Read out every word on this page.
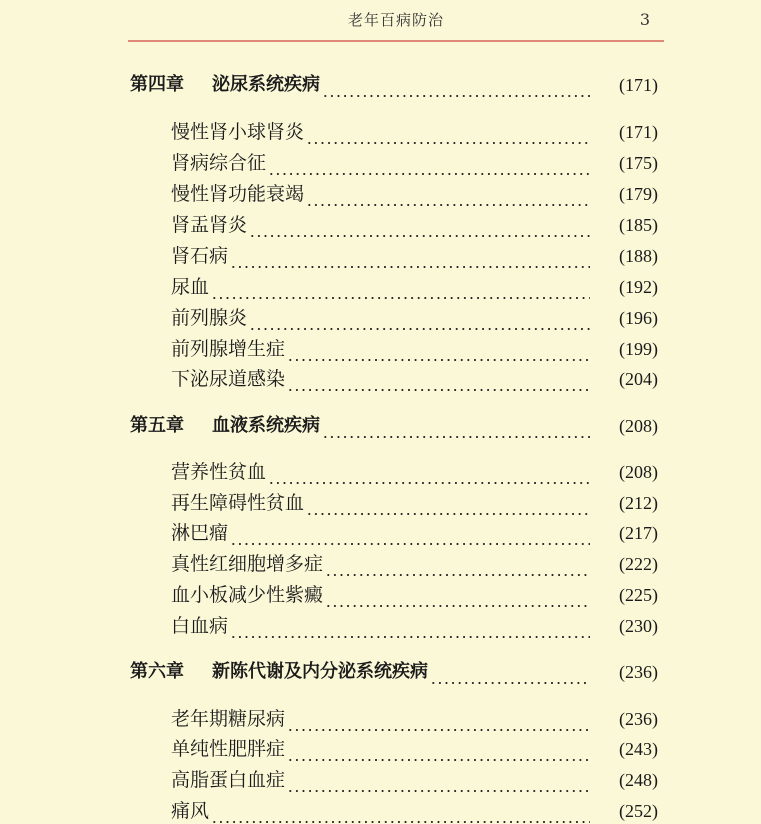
老年百病防治	3
第四章 泌尿系统疾病	(171)
慢性肾小球肾炎	(171)
肾病综合征	(175)
慢性肾功能衰竭	(179)
肾盂肾炎	(185)
肾石病	(188)
尿血	(192)
前列腺炎	(196)
前列腺增生症	(199)
下泌尿道感染	(204)
第五章 血液系统疾病	(208)
营养性贫血	(208)
再生障碍性贫血	(212)
淋巴瘤	(217)
真性红细胞增多症	(222)
血小板减少性紫癜	(225)
白血病	(230)
第六章 新陈代谢及内分泌系统疾病	(236)
老年期糖尿病	(236)
单纯性肥胖症	(243)
高脂蛋白血症	(248)
痛风	(252)
